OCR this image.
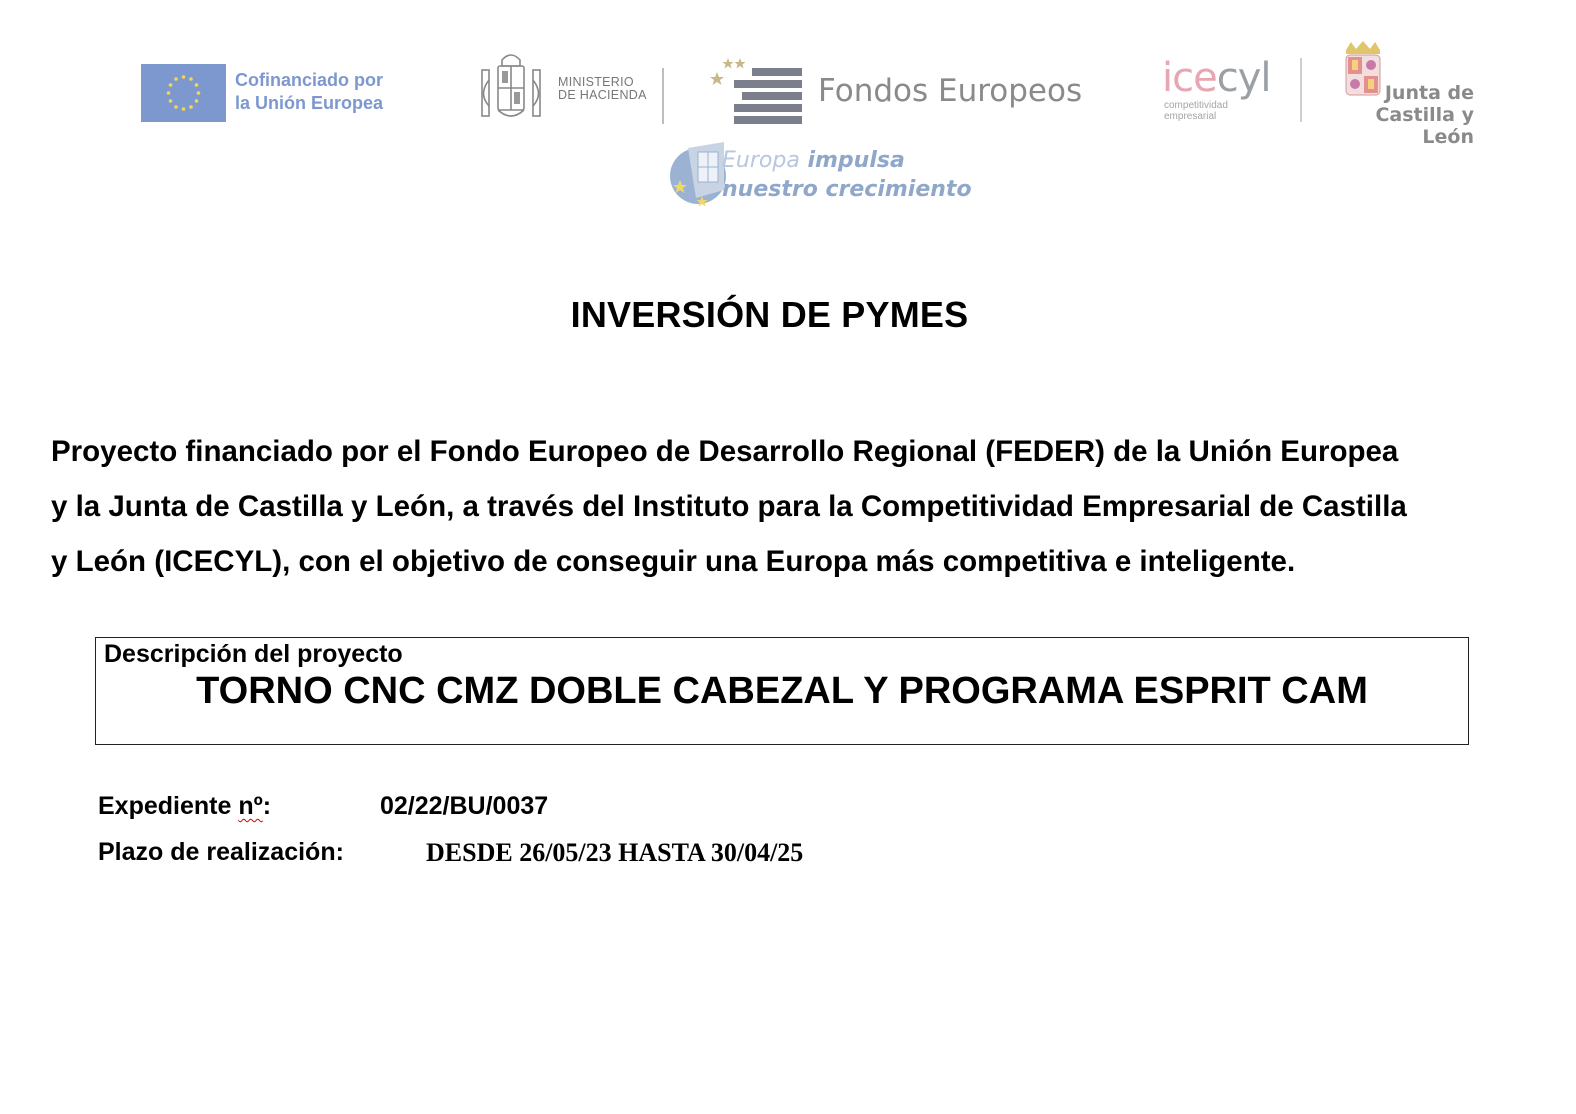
Cofinanciado por
la Unión Europea
MINISTERIO
DE HACIENDA	Fondos Europeos icecyl
competitividad
empresarial
Junta de
Castilla y León
Europa impulsa
nuestro crecimiento
INVERSIÓN DE PYMES

Proyecto financiado por el Fondo Europeo de Desarrollo Regional (FEDER) de la Unión Europea

y la Junta de Castilla y León, a través del Instituto para la Competitividad Empresarial de Castilla

y León (ICECYL), con el objetivo de conseguir una Europa más competitiva e inteligente.

Descripción del proyecto
TORNO CNC CMZ DOBLE CABEZAL Y PROGRAMA ESPRIT CAM
Expediente nº:	02/22/BU/0037
Plazo de realización:	DESDE 26/05/23 HASTA 30/04/25
